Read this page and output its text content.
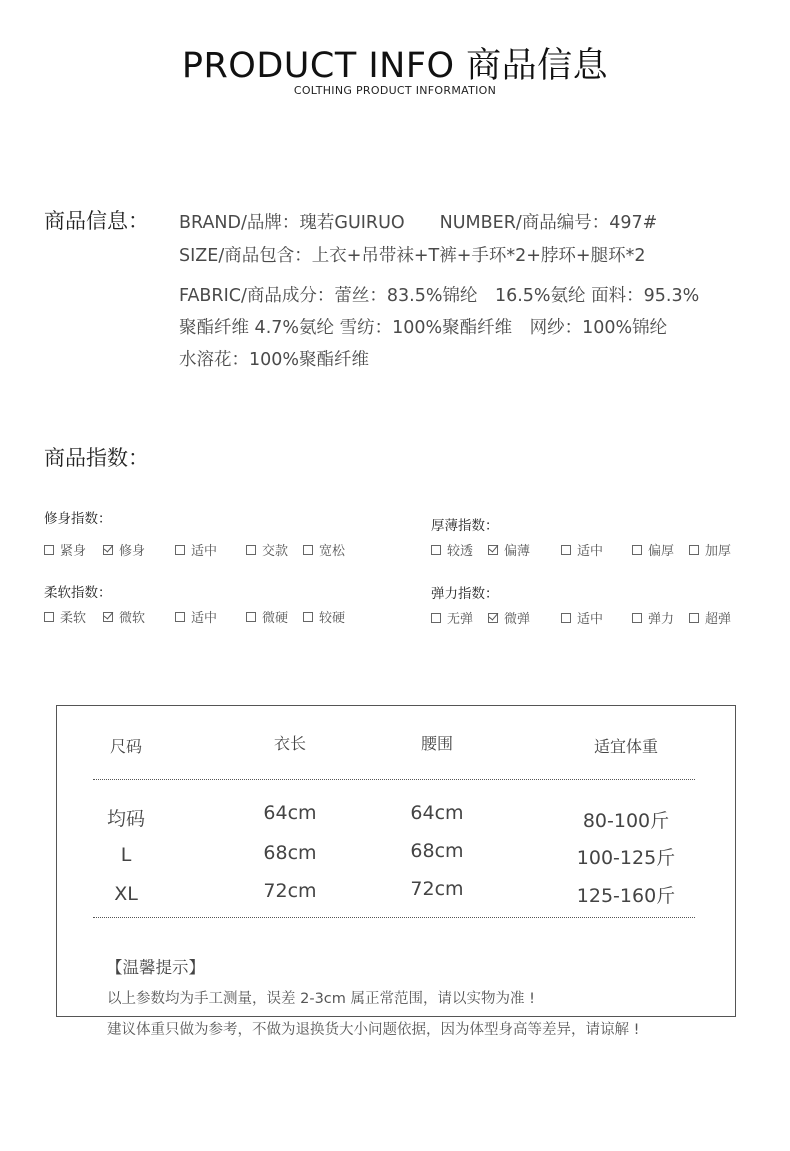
PRODUCT INFO 商品信息
COLTHING PRODUCT INFORMATION
商品信息： BRAND/品牌：瑰若GUIRUO　　NUMBER/商品编号：497#
SIZE/商品包含：上衣+吊带袜+T裤+手环*2+脖环+腿环*2
FABRIC/商品成分：蕾丝：83.5%锦纶　16.5%氨纶 面料：95.3%
聚酯纤维 4.7%氨纶 雪纺：100%聚酯纤维　网纱：100%锦纶
水溶花：100%聚酯纤维
商品指数：
修身指数：
紧身	修身	适中	交款 宽松
厚薄指数：
较透 偏薄	适中	偏厚 加厚
柔软指数：
柔软	微软	适中	微硬 较硬
弹力指数：
无弹 微弹	适中	弹力 超弹
尺码	衣长	腰围	适宜体重
均码	64cm	64cm	80-100斤
L	68cm	68cm	100-125斤
XL	72cm	72cm	125-160斤
【温馨提示】
以上参数均为手工测量，误差 2-3cm 属正常范围，请以实物为准 !
建议体重只做为参考，不做为退换货大小问题依据，因为体型身高等差异，请谅解 !
